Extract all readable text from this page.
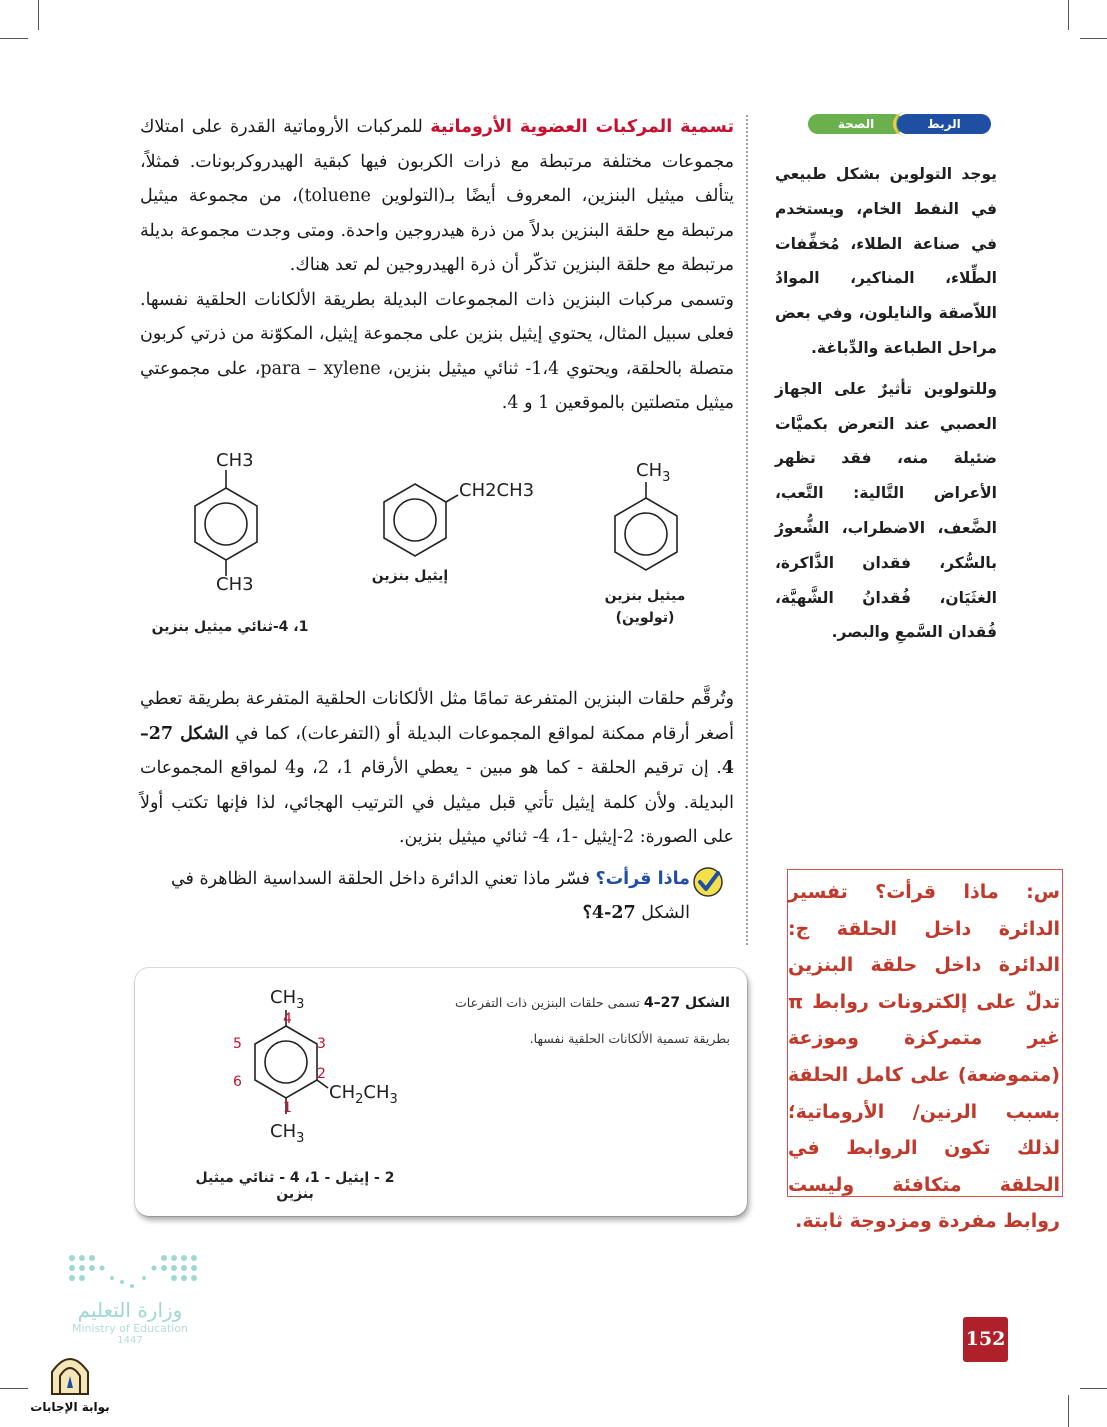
الصحة	الربط

تسمية المركبات العضوية الأروماتية للمركبات الأروماتية القدرة على امتلاك مجموعات مختلفة مرتبطة مع ذرات الكربون فيها كبقية الهيدروكربونات. فمثلاً، يتألف ميثيل البنزين، المعروف أيضًا بـ(التولوين toluene)، من مجموعة ميثيل مرتبطة مع حلقة البنزين بدلاً من ذرة هيدروجين واحدة. ومتى وجدت مجموعة بديلة مرتبطة مع حلقة البنزين تذكّر أن ذرة الهيدروجين لم تعد هناك.

وتسمى مركبات البنزين ذات المجموعات البديلة بطريقة الألكانات الحلقية نفسها. فعلى سبيل المثال، يحتوي إيثيل بنزين على مجموعة إيثيل، المكوّنة من ذرتي كربون متصلة بالحلقة، ويحتوي 1،4- ثنائي ميثيل بنزين، para – xylene، على مجموعتي ميثيل متصلتين بالموقعين 1 و 4.

يوجد التولوين بشكل طبيعي في النفط الخام، ويستخدم في صناعة الطلاء، مُخفِّفات الطِّلاء، المناكير، الموادُ اللاّصقة والنايلون، وفي بعض مراحل الطباعة والدِّباغة.

وللتولوين تأثيرٌ على الجهاز العصبي عند التعرض بكميَّات ضئيلة منه، فقد تظهر الأعراض التَّالية: التَّعب، الضَّعف، الاضطراب، الشُّعورُ بالسُّكر، فقدان الذَّاكرة، الغثَيَان، فُقدانُ الشَّهيَّة، فُقدان السَّمعِ والبصر.

CH3
CH3
CH2CH3
$CH_3$
ميثيل بنزين
(تولوين)
إيثيل بنزين
1، 4-ثنائي ميثيل بنزين

وتُرقَّم حلقات البنزين المتفرعة تمامًا مثل الألكانات الحلقية المتفرعة بطريقة تعطي أصغر أرقام ممكنة لمواقع المجموعات البديلة أو (التفرعات)، كما في الشكل 27–4. إن ترقيم الحلقة - كما هو مبين - يعطي الأرقام 1، 2، و4 لمواقع المجموعات البديلة. ولأن كلمة إيثيل تأتي قبل ميثيل في الترتيب الهجائي، لذا فإنها تكتب أولاً على الصورة: 2-إيثيل -1، 4- ثنائي ميثيل بنزين.

ماذا قرأت؟ فسّر ماذا تعني الدائرة داخل الحلقة السداسية الظاهرة في الشكل 27-4؟
الشكل 27–4 تسمى حلقات البنزين ذات التفرعات بطريقة تسمية الألكانات الحلقية نفسها.
$CH_3$
$CH_2CH_3$
$CH_3$
1
2
3
4
5
6
2 - إيثيل - 1، 4 - ثنائي ميثيل بنزين
س: ماذا قرأت؟ تفسير الدائرة داخل الحلقة ج: الدائرة داخل حلقة البنزين تدلّ على إلكترونات روابط π غير متمركزة وموزعة (متموضعة) على كامل الحلقة بسبب الرنين/ الأروماتية؛ لذلك تكون الروابط في الحلقة متكافئة وليست روابط مفردة ومزدوجة ثابتة.
152
وزارة التعليم
Ministry of Education
1447
بوابة الإجابات
